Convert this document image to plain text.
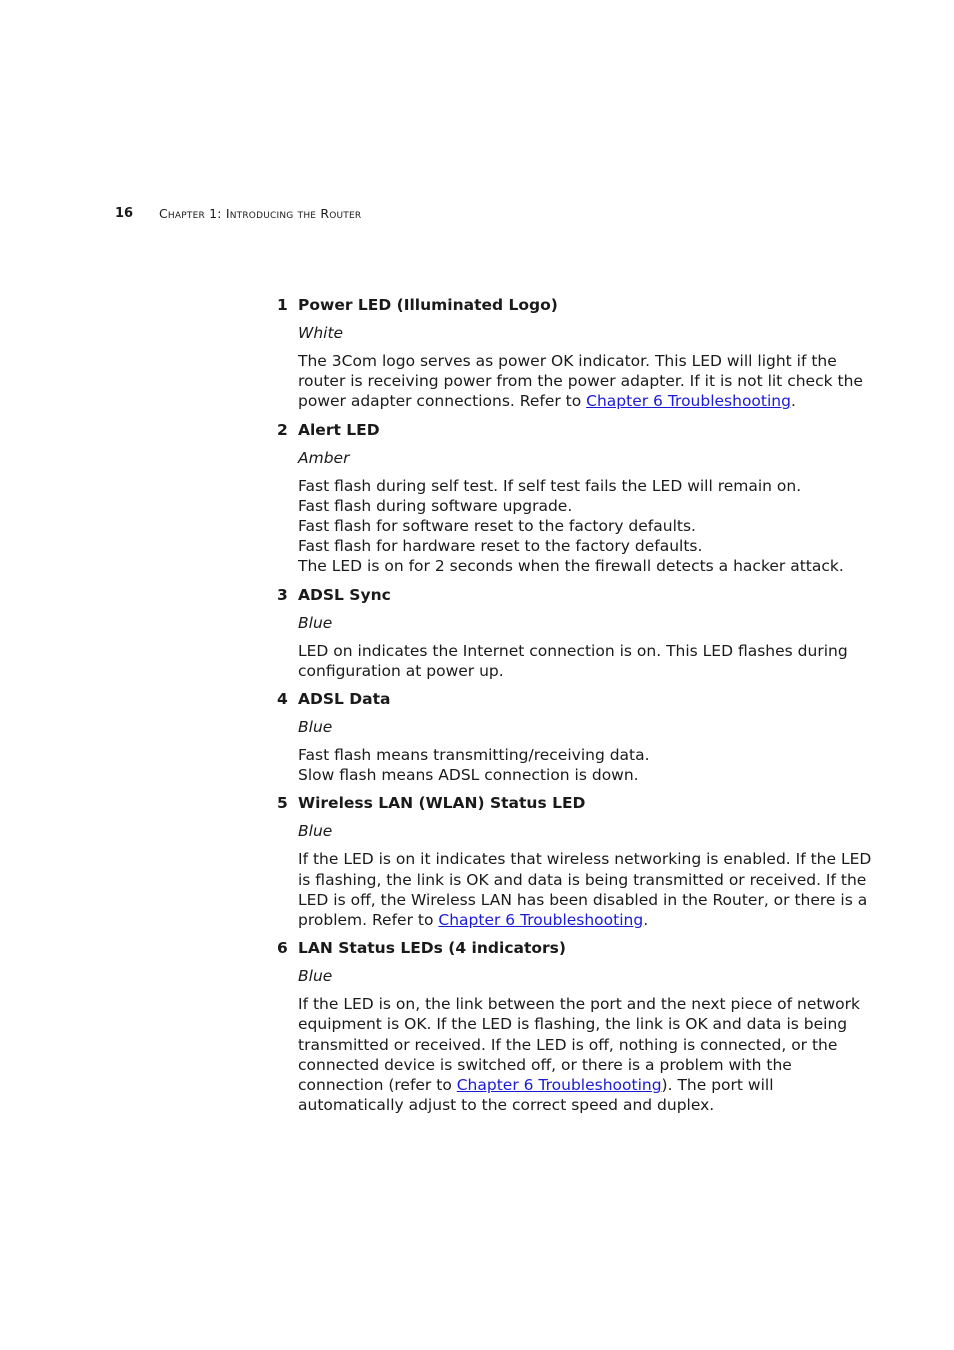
16 Chapter 1: Introducing the Router
1 Power LED (Illuminated Logo)
White
The 3Com logo serves as power OK indicator. This LED will light if the
router is receiving power from the power adapter. If it is not lit check the
power adapter connections. Refer to Chapter 6 Troubleshooting.
2 Alert LED
Amber
Fast flash during self test. If self test fails the LED will remain on.
Fast flash during software upgrade.
Fast flash for software reset to the factory defaults.
Fast flash for hardware reset to the factory defaults.
The LED is on for 2 seconds when the firewall detects a hacker attack.
3 ADSL Sync
Blue
LED on indicates the Internet connection is on. This LED flashes during
configuration at power up.
4 ADSL Data
Blue
Fast flash means transmitting/receiving data.
Slow flash means ADSL connection is down.
5 Wireless LAN (WLAN) Status LED
Blue
If the LED is on it indicates that wireless networking is enabled. If the LED
is flashing, the link is OK and data is being transmitted or received. If the
LED is off, the Wireless LAN has been disabled in the Router, or there is a
problem. Refer to Chapter 6 Troubleshooting.
6 LAN Status LEDs (4 indicators)
Blue
If the LED is on, the link between the port and the next piece of network
equipment is OK. If the LED is flashing, the link is OK and data is being
transmitted or received. If the LED is off, nothing is connected, or the
connected device is switched off, or there is a problem with the
connection (refer to Chapter 6 Troubleshooting). The port will
automatically adjust to the correct speed and duplex.
